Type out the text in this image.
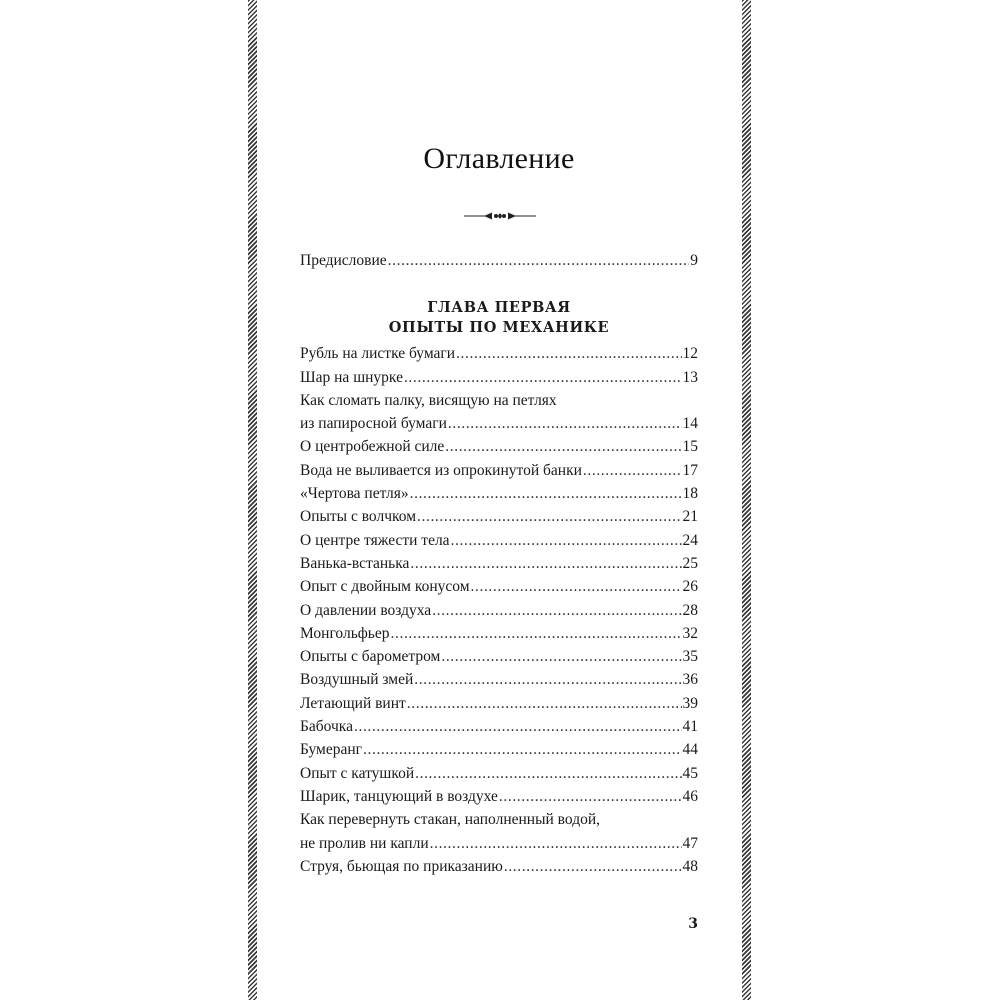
Оглавление
Предисловие .....	9
ГЛАВА ПЕРВАЯ
ОПЫТЫ ПО МЕХАНИКЕ
Рубль на листке бумаги .....	12
Шар на шнурке .....	13
Как сломать палку, висящую на петлях
из папиросной бумаги .....	14
О центробежной силе .....	15
Вода не выливается из опрокинутой банки .....	17
«Чертова петля» .....	18
Опыты с волчком .....	21
О центре тяжести тела .....	24
Ванька-встанька .....	25
Опыт с двойным конусом .....	26
О давлении воздуха .....	28
Монгольфьер .....	32
Опыты с барометром .....	35
Воздушный змей .....	36
Летающий винт .....	39
Бабочка .....	41
Бумеранг .....	44
Опыт с катушкой .....	45
Шарик, танцующий в воздухе .....	46
Как перевернуть стакан, наполненный водой,
не пролив ни капли .....	47
Струя, бьющая по приказанию .....	48
3
